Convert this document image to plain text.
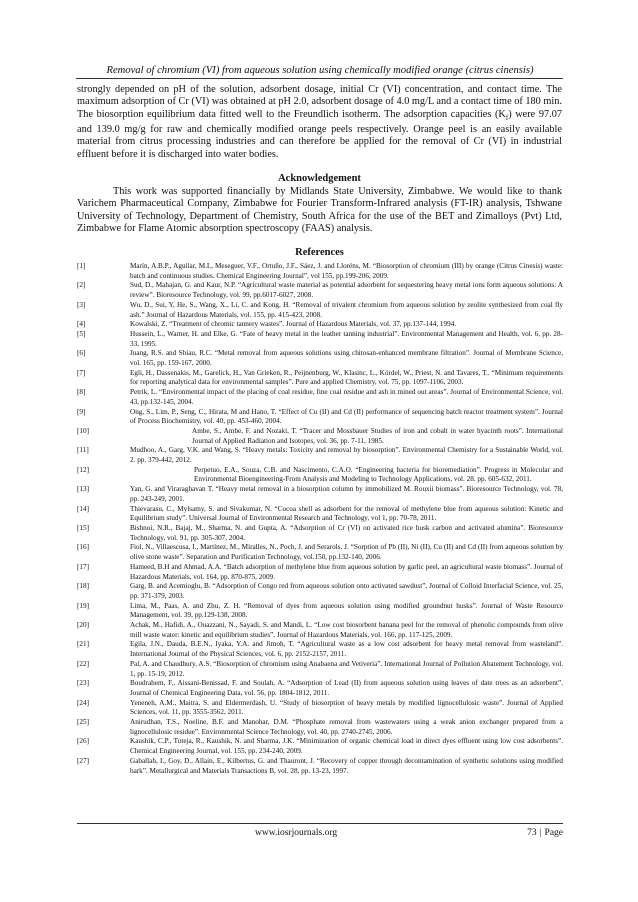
Removal of chromium (VI) from aqueous solution using chemically modified orange (citrus cinensis)
strongly depended on pH of the solution, adsorbent dosage, initial Cr (VI) concentration, and contact time. The maximum adsorption of Cr (VI) was obtained at pH 2.0, adsorbent dosage of 4.0 mg/L and a contact time of 180 min. The biosorption equilibrium data fitted well to the Freundlich isotherm. The adsorption capacities $(K_f)$ were 97.07 and 139.0 mg/g for raw and chemically modified orange peels respectively. Orange peel is an easily available material from citrus processing industries and can therefore be applied for the removal of Cr (VI) in industrial effluent before it is discharged into water bodies.
Acknowledgement
This work was supported financially by Midlands State University, Zimbabwe. We would like to thank Varichem Pharmaceutical Company, Zimbabwe for Fourier Transform-Infrared analysis (FT-IR) analysis, Tshwane University of Technology, Department of Chemistry, South Africa for the use of the BET and Zimalloys (Pvt) Ltd, Zimbabwe for Flame Atomic absorption spectroscopy (FAAS) analysis.
References
[1]	Marín, A.B.P., Aguilar, M.I., Meseguer, V.F., Ortuño, J.F., Sáez, J. and Lloréns, M. “Biosorption of chromium (III) by orange (Citrus Cinesis) waste: batch and continuous studies. Chemical Engineering Journal”, vol 155, pp.199-206, 2009.
[2]	Sud, D., Mahajan, G. and Kaur, N.P. “Agricultural waste material as potential adsorbent for sequestering heavy metal ions form aqueous solutions: A review”. Bioresource Technology, vol. 99, pp.6017-6027, 2008.
[3]	Wu, D., Sui, Y, He, S., Wang, X., Li, C. and Kong, H. “Removal of trivalent chromium from aqueous solution by zeolite synthesized from coal fly ash.” Journal of Hazardous Materials, vol. 155, pp. 415-423, 2008.
[4]	Kowalski, Z. “Treatment of chromic tannery wastes”. Journal of Hazardous Materials, vol. 37, pp.137-144, 1994.
[5]	Hussein, L., Warner, H. and Elke, G. “Fate of heavy metal in the leather tanning industrial”. Environmental Management and Health, vol. 6, pp. 28-33, 1995.
[6]	Juang, R.S. and Shiau, R.C. “Metal removal from aqueous solutions using chitosan-enhanced membrane filtration”. Journal of Membrane Science, vol. 165, pp. 159-167, 2000.
[7]	Egli, H., Dassenakis, M., Garelick, H., Van Grieken, R., Peijnenburg, W., Klasinc, L., Kördel, W., Priest, N. and Tavares, T.. “Minimum requirements for reporting analytical data for environmental samples”. Pure and applied Chemistry, vol. 75, pp. 1097-1106, 2003.
[8]	Petrik, L. “Environmental impact of the placing of coal residue, fine coal residue and ash in mined out areas”. Journal of Environmental Science, vol. 43, pp.132-145, 2004.
[9]	Ong, S., Lim, P., Seng, C., Hirata, M and Hano, T. “Effect of Cu (II) and Cd (II) performance of sequencing batch reactor treatment system”. Journal of Process Biochemistry, vol. 40, pp. 453-460, 2004.
[10]	Ambe, S., Ambe, F. and Nozaki, T. “Tracer and Mossbauer Studies of iron and cobalt in water hyacinth roots”. International Journal of Applied Radiation and Isotopes, vol. 36, pp. 7-11, 1985.
[11]	Mudhoo, A., Garg, V.K. and Wang, S. “Heavy metals: Toxicity and removal by biosorption”. Environmental Chemistry for a Sustainable World, vol. 2. pp. 379-442, 2012.
[12]	Perpetuo, E.A., Souza, C.B. and Nascimento, C.A.O. “Engineering bacteria for bioremediation”. Progress in Molecular and Environmental Bioengineering-From Analysis and Modeling to Technology Applications, vol. 28. pp. 605-632, 2011.
[13]	Yan, G. and Viraraghavan T. “Heavy metal removal in a biosorption column by immobilized M. Rouxii biomass”. Bioresource Technology, vol. 78, pp. 243-249, 2001.
[14]	Thievarasu, C., Mylsamy, S. and Sivakumar, N. “Cocoa shell as adsorbent for the removal of methylene blue from aqueous solution: Kinetic and Equilibrium study”. Universal Journal of Environmental Research and Technology, vol 1, pp. 70-78, 2011.
[15]	Bishnoi, N.R., Bajaj, M., Sharma, N. and Gupta, A. “Adsorption of Cr (VI) on activated rice husk carbon and activated alumina”. Bioresource Technology, vol. 91, pp. 305-307, 2004.
[16]	Fiol, N., Villaescusa, I., Martínez, M., Miralles, N., Poch, J. and Serarols, J. “Sorption of Pb (II), Ni (II), Cu (II) and Cd (II) from aqueous solution by olive stone waste”. Separation and Purification Technology, vol.150, pp.132-140, 2006.
[17]	Hameed, B.H and Ahmad, A.A. “Batch adsorption of methylene blue from aqueous solution by garlic peel, an agricultural waste biomass”. Journal of Hazardous Materials, vol. 164, pp. 870-875, 2009.
[18]	Garg, B. and Acemioglu, B. “Adsorption of Congo red from aqueous solution onto activated sawdust”, Journal of Colloid Interfacial Science, vol. 25, pp. 371-379, 2003.
[19]	Lima, M., Paas, A. and Zhu, Z. H. “Removal of dyes from aqueous solution using modified groundnut husks”. Journal of Waste Resource Management, vol. 39, pp.129-138, 2008.
[20]	Achak, M., Hafidi, A., Ouazzani, N., Sayadi, S. and Mandi, L. “Low cost biosorbent banana peel for the removal of phenolic compounds from olive mill waste water: kinetic and equilibrium studies”. Journal of Hazardous Materials, vol. 166, pp. 117-125, 2009.
[21]	Egila, J.N., Dauda, B.E.N., Iyaka, Y.A. and Jimoh, T. “Agricultural waste as a low cost adsorbent for heavy metal removal from wasteland”. International Journal of the Physical Sciences, vol. 6, pp. 2152-2157, 2011.
[22]	Pal, A. and Chaudhury, A.S. “Biosorption of chromium using Anabaena and Vetiveria”. International Journal of Pollution Abatement Technology, vol. 1, pp. 15-19, 2012.
[23]	Boudrahem, F., Aissani-Benissad, F. and Soulah, A. “Adsorption of Lead (II) from aqueous solution using leaves of date trees as an adsorbent”. Journal of Chemical Engineering Data, vol. 56, pp. 1804-1812, 2011.
[24]	Yeneneh, A.M., Maitra, S. and Eldermerdash, U. “Study of biosorption of heavy metals by modified lignocellulosic waste”. Journal of Applied Sciences, vol. 11, pp. 3555-3562, 2011.
[25]	Anirudhan, T.S., Noeline, B.F. and Manohar, D.M. “Phosphate removal from wastewaters using a weak anion exchanger prepared from a lignocellulosic residue”. Environmental Science Technology, vol. 40, pp. 2740-2745, 2006.
[26]	Kaushik, C.P., Tuteja, R., Kaushik, N. and Sharma, J.K. “Minimization of organic chemical load in direct dyes effluent using low cost adsorbents”. Chemical Engineering Journal, vol. 155, pp. 234-240, 2009.
[27]	Gaballah, I., Goy, D., Allain, E., Kilbertus, G. and Thauront, J. “Recovery of copper through decontamination of synthetic solutions using modified bark”. Metallurgical and Materials Transactions B, vol. 28, pp. 13-23, 1997.
www.iosrjournals.org	73 | Page
